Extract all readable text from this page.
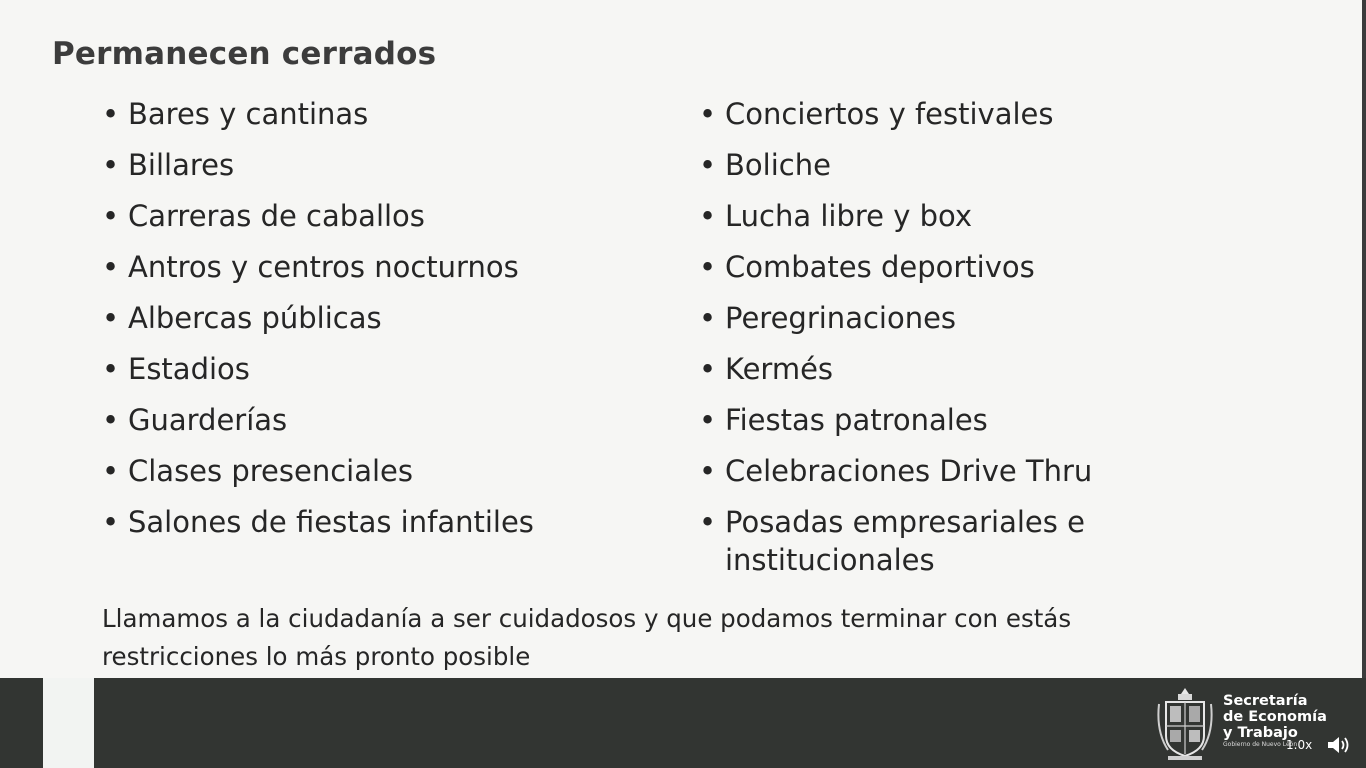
Permanecen cerrados
• Bares y cantinas
• Billares
• Carreras de caballos
• Antros y centros nocturnos
• Albercas públicas
• Estadios
• Guarderías
• Clases presenciales
• Salones de fiestas infantiles
• Conciertos y festivales
• Boliche
• Lucha libre y box
• Combates deportivos
• Peregrinaciones
• Kermés
• Fiestas patronales
• Celebraciones Drive Thru
• Posadas empresariales e institucionales
Llamamos a la ciudadanía a ser cuidadosos y que podamos terminar con estás restricciones lo más pronto posible
Secretaría
de Economía
y Trabajo
Gobierno de Nuevo León
1.0x
